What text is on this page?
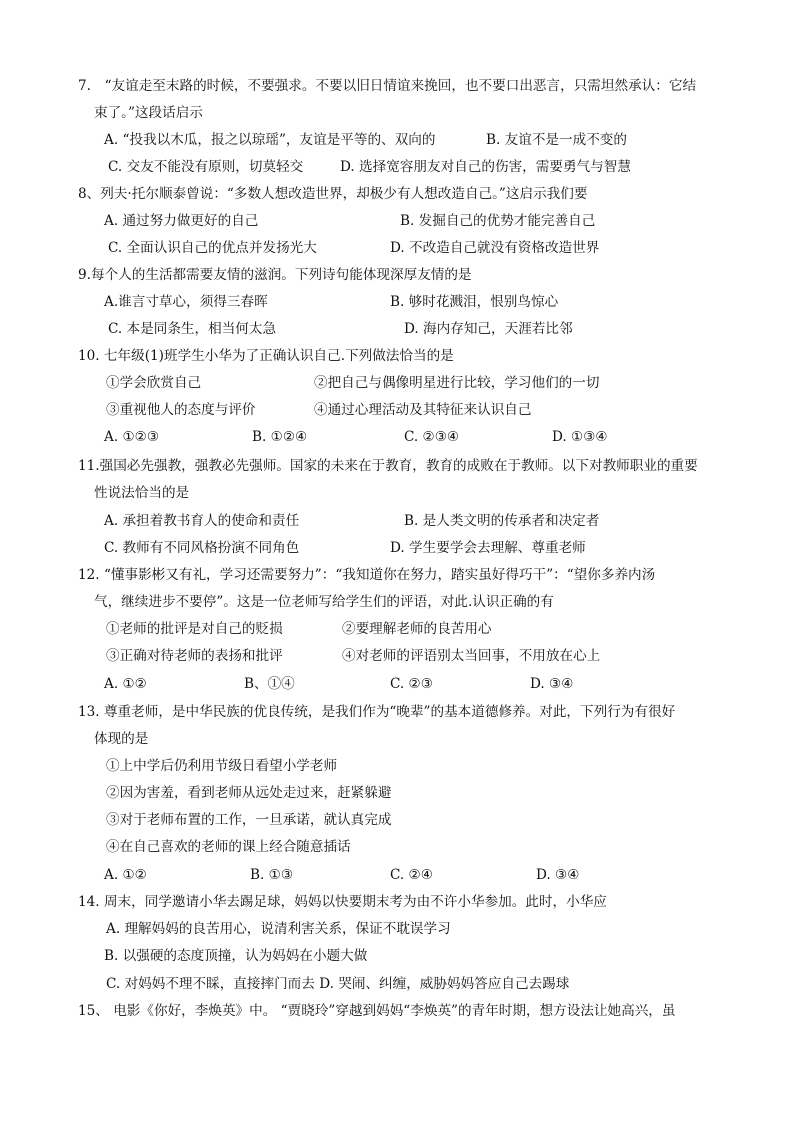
7.　“友谊走至末路的时候，不要强求。不要以旧日情谊来挽回，也不要口出恶言，只需坦然承认：它结
束了。”这段话启示
A. “投我以木瓜，报之以琼瑶”，友谊是平等的、双向的	B. 友谊不是一成不变的
C. 交友不能没有原则，切莫轻交	D. 选择宽容朋友对自己的伤害，需要勇气与智慧
8、列夫·托尔顺泰曾说：“多数人想改造世界，却极少有人想改造自己。”这启示我们要
A. 通过努力做更好的自己	B. 发掘自己的优势才能完善自己
C. 全面认识自己的优点并发扬光大	D. 不改造自己就没有资格改造世界
9.每个人的生活都需要友情的滋润。下列诗句能体现深厚友情的是
A.谁言寸草心，须得三春晖	B. 够时花溅泪，恨别鸟惊心
C. 本是同条生，相当何太急	D. 海内存知己，天涯若比邻
10. 七年级(1)班学生小华为了正确认识自己.下列做法恰当的是
①学会欣赏自己	②把自己与偶像明星进行比较，学习他们的一切
③重视他人的态度与评价	④通过心理活动及其特征来认识自己
A. ①②③	B. ①②④	C. ②③④	D. ①③④
11.强国必先强教，强教必先强师。国家的未来在于教育，教育的成败在于教师。以下对教师职业的重要
性说法恰当的是
A. 承担着教书育人的使命和责任	B. 是人类文明的传承者和决定者
C. 教师有不同风格扮演不同角色	D. 学生要学会去理解、尊重老师
12. “懂事影彬又有礼，学习还需要努力”：“我知道你在努力，踏实虽好得巧干”：“望你多养内汤
气，继续进步不要停”。这是一位老师写给学生们的评语，对此.认识正确的有
①老师的批评是对自己的贬损	②要理解老师的良苦用心
③正确对待老师的表扬和批评	④对老师的评语别太当回事，不用放在心上
A. ①②	B、①④	C. ②③	D. ③④
13. 尊重老师，是中华民族的优良传统，是我们作为“晚辈”的基本道德修养。对此，下列行为有很好
体现的是
①上中学后仍利用节级日看望小学老师
②因为害羞，看到老师从远处走过来，赶紧躲避
③对于老师布置的工作，一旦承诺，就认真完成
④在自己喜欢的老师的课上经合随意插话
A. ①②	B. ①③	C. ②④	D. ③④
14. 周末，同学邀请小华去踢足球，妈妈以快要期末考为由不许小华参加。此时，小华应
A. 理解妈妈的良苦用心，说清利害关系，保证不耽误学习
B. 以强硬的态度顶撞，认为妈妈在小题大做
C. 对妈妈不理不睬，直接摔门而去 D. 哭闹、纠缠，威胁妈妈答应自己去踢球
15、 电影《你好，李焕英》中。 “贾晓玲”穿越到妈妈“李焕英”的青年时期，想方设法让她高兴，虽
